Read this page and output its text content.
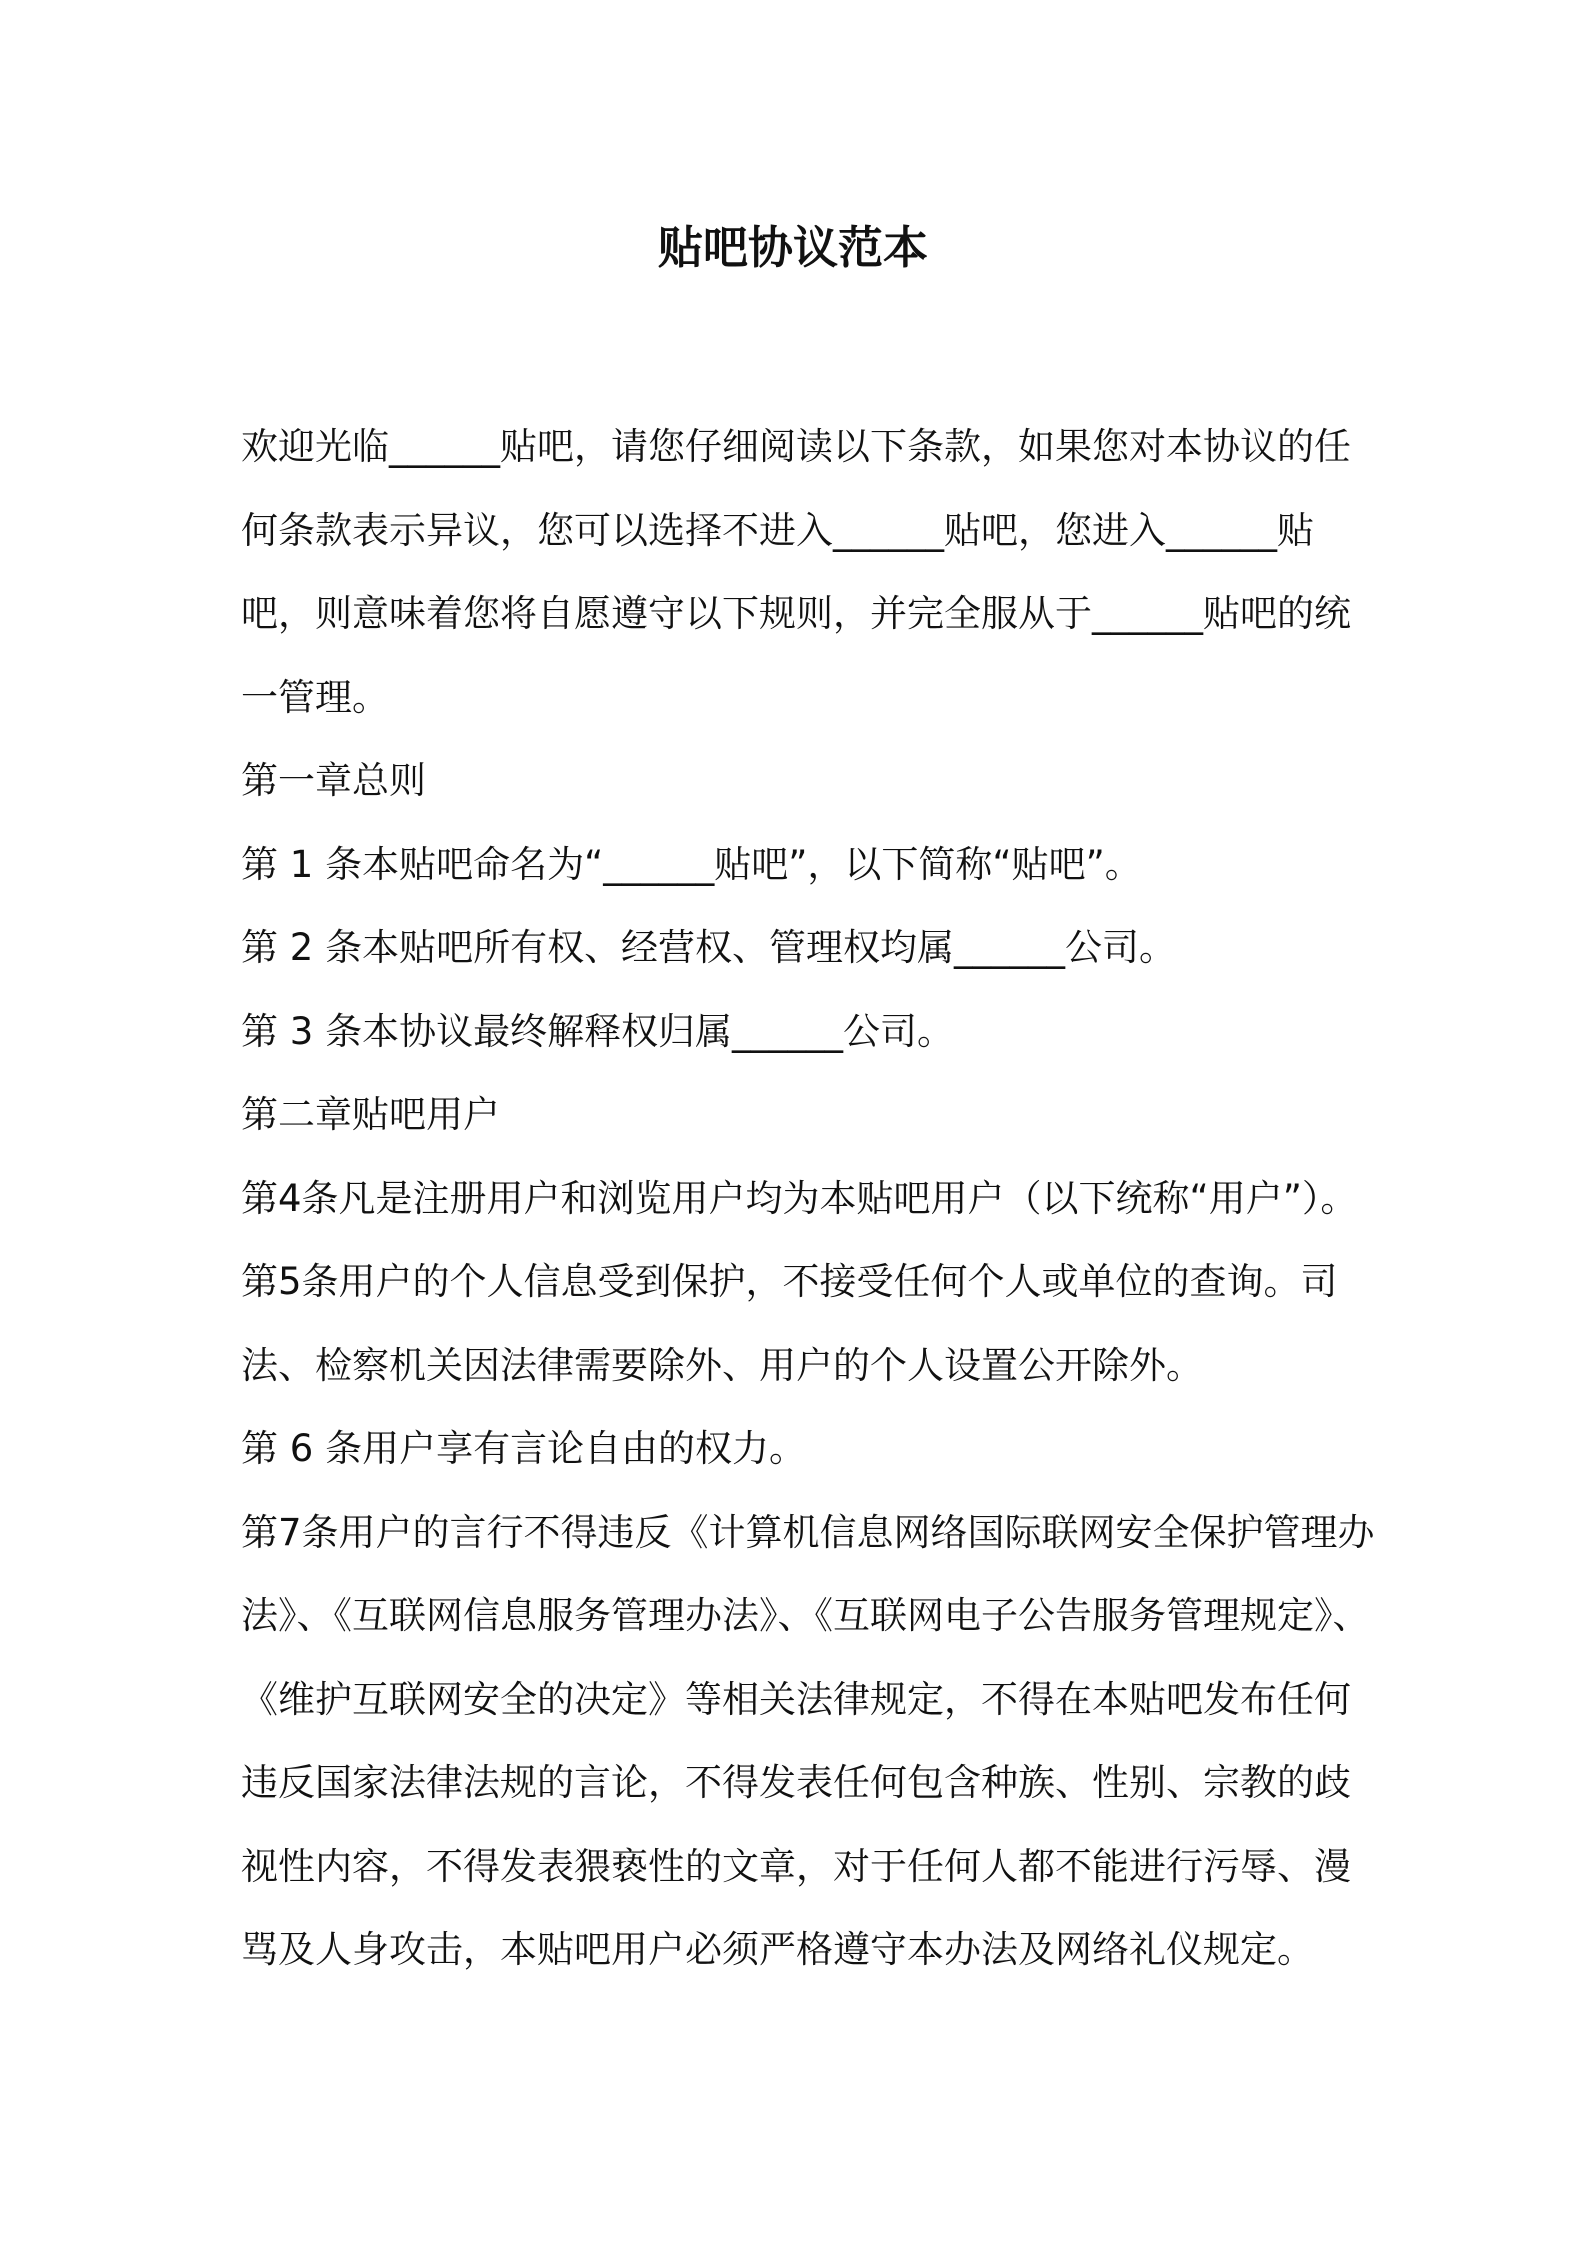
贴吧协议范本

欢迎光临______贴吧，请您仔细阅读以下条款，如果您对本协议的任何条款表示异议，您可以选择不进入______贴吧，您进入______贴吧，则意味着您将自愿遵守以下规则，并完全服从于______贴吧的统一管理。

第一章总则

第 1 条本贴吧命名为“______贴吧”，以下简称“贴吧”。

第 2 条本贴吧所有权、经营权、管理权均属______公司。

第 3 条本协议最终解释权归属______公司。

第二章贴吧用户

第4条凡是注册用户和浏览用户均为本贴吧用户（以下统称“用户”）。

第5条用户的个人信息受到保护，不接受任何个人或单位的查询。司法、检察机关因法律需要除外、用户的个人设置公开除外。

第 6 条用户享有言论自由的权力。

第7条用户的言行不得违反《计算机信息网络国际联网安全保护管理办法》、《互联网信息服务管理办法》、《互联网电子公告服务管理规定》、《维护互联网安全的决定》等相关法律规定，不得在本贴吧发布任何违反国家法律法规的言论，不得发表任何包含种族、性别、宗教的歧视性内容，不得发表猥亵性的文章，对于任何人都不能进行污辱、漫骂及人身攻击，本贴吧用户必须严格遵守本办法及网络礼仪规定。
